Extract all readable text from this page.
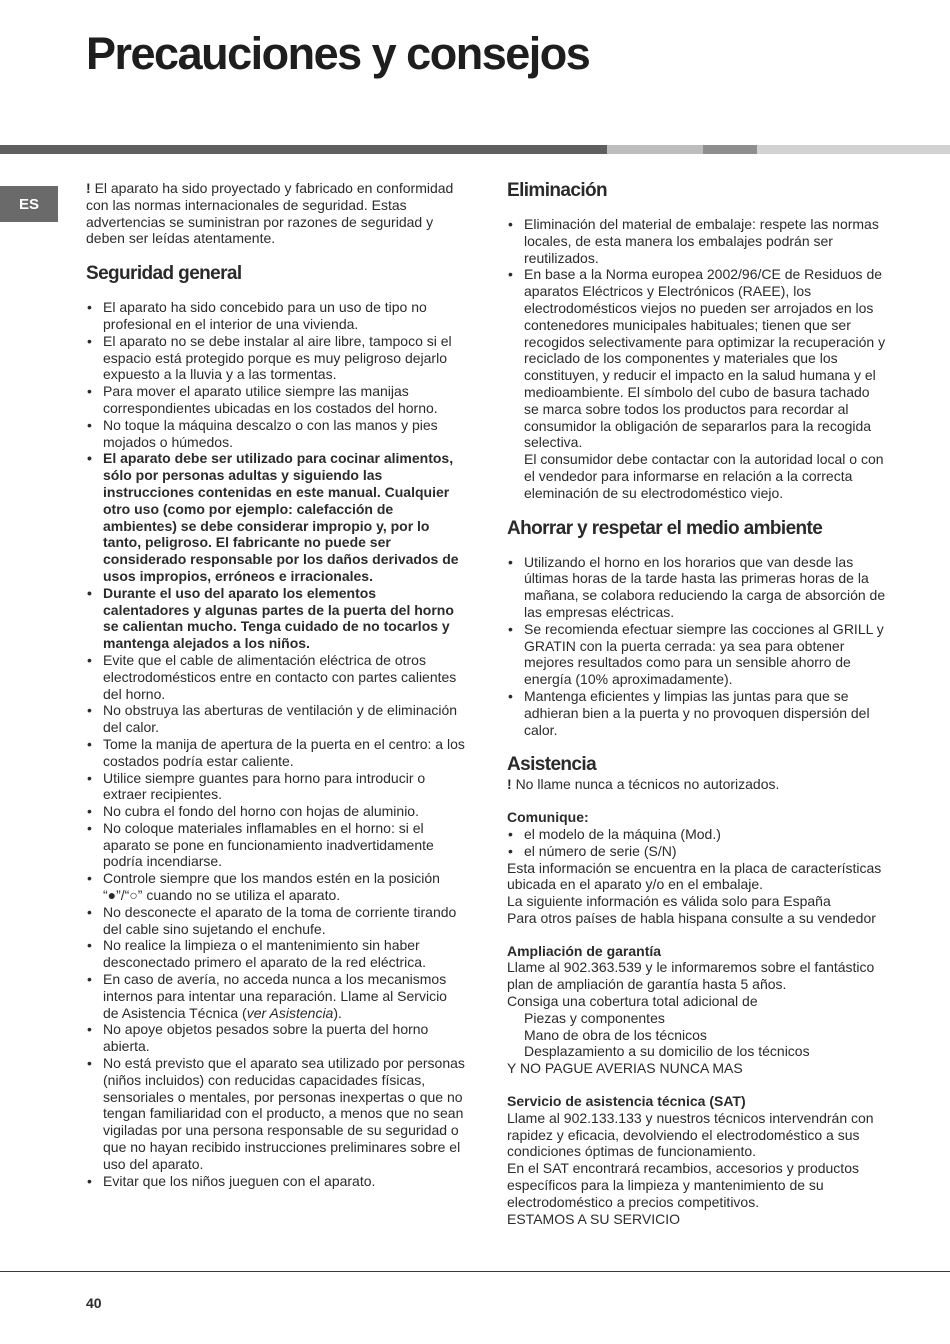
Precauciones y consejos
ES

! El aparato ha sido proyectado y fabricado en conformidad con las normas internacionales de seguridad. Estas advertencias se suministran por razones de seguridad y deben ser leídas atentamente.

Seguridad general
• El aparato ha sido concebido para un uso de tipo no profesional en el interior de una vivienda.
• El aparato no se debe instalar al aire libre, tampoco si el espacio está protegido porque es muy peligroso dejarlo expuesto a la lluvia y a las tormentas.
• Para mover el aparato utilice siempre las manijas correspondientes ubicadas en los costados del horno.
• No toque la máquina descalzo o con las manos y pies mojados o húmedos.
• El aparato debe ser utilizado para cocinar alimentos, sólo por personas adultas y siguiendo las instrucciones contenidas en este manual. Cualquier otro uso (como por ejemplo: calefacción de ambientes) se debe considerar impropio y, por lo tanto, peligroso. El fabricante no puede ser considerado responsable por los daños derivados de usos impropios, erróneos e irracionales.
• Durante el uso del aparato los elementos calentadores y algunas partes de la puerta del horno se calientan mucho. Tenga cuidado de no tocarlos y mantenga alejados a los niños.
• Evite que el cable de alimentación eléctrica de otros electrodomésticos entre en contacto con partes calientes del horno.
• No obstruya las aberturas de ventilación y de eliminación del calor.
• Tome la manija de apertura de la puerta en el centro: a los costados podría estar caliente.
• Utilice siempre guantes para horno para introducir o extraer recipientes.
• No cubra el fondo del horno con hojas de aluminio.
• No coloque materiales inflamables en el horno: si el aparato se pone en funcionamiento inadvertidamente podría incendiarse.
• Controle siempre que los mandos estén en la posición “●”/“○” cuando no se utiliza el aparato.
• No desconecte el aparato de la toma de corriente tirando del cable sino sujetando el enchufe.
• No realice la limpieza o el mantenimiento sin haber desconectado primero el aparato de la red eléctrica.
• En caso de avería, no acceda nunca a los mecanismos internos para intentar una reparación. Llame al Servicio de Asistencia Técnica (ver Asistencia).
• No apoye objetos pesados sobre la puerta del horno abierta.
• No está previsto que el aparato sea utilizado por personas (niños incluidos) con reducidas capacidades físicas, sensoriales o mentales, por personas inexpertas o que no tengan familiaridad con el producto, a menos que no sean vigiladas por una persona responsable de su seguridad o que no hayan recibido instrucciones preliminares sobre el uso del aparato.
• Evitar que los niños jueguen con el aparato.
Eliminación
• Eliminación del material de embalaje: respete las normas locales, de esta manera los embalajes podrán ser reutilizados.
• En base a la Norma europea 2002/96/CE de Residuos de aparatos Eléctricos y Electrónicos (RAEE), los electrodomésticos viejos no pueden ser arrojados en los contenedores municipales habituales; tienen que ser recogidos selectivamente para optimizar la recuperación y reciclado de los componentes y materiales que los constituyen, y reducir el impacto en la salud humana y el medioambiente. El símbolo del cubo de basura tachado se marca sobre todos los productos para recordar al consumidor la obligación de separarlos para la recogida selectiva.

El consumidor debe contactar con la autoridad local o con el vendedor para informarse en relación a la correcta eleminación de su electrodoméstico viejo.

Ahorrar y respetar el medio ambiente
• Utilizando el horno en los horarios que van desde las últimas horas de la tarde hasta las primeras horas de la mañana, se colabora reduciendo la carga de absorción de las empresas eléctricas.
• Se recomienda efectuar siempre las cocciones al GRILL y GRATIN con la puerta cerrada: ya sea para obtener mejores resultados como para un sensible ahorro de energía (10% aproximadamente).
• Mantenga eficientes y limpias las juntas para que se adhieran bien a la puerta y no provoquen dispersión del calor.
Asistencia

! No llame nunca a técnicos no autorizados.

Comunique:
• el modelo de la máquina (Mod.)
• el número de serie (S/N)

Esta información se encuentra en la placa de características ubicada en el aparato y/o en el embalaje.

La siguiente información es válida solo para España

Para otros países de habla hispana consulte a su vendedor

Ampliación de garantía

Llame al 902.363.539 y le informaremos sobre el fantástico plan de ampliación de garantía hasta 5 años.

Consiga una cobertura total adicional de

Piezas y componentes

Mano de obra de los técnicos

Desplazamiento a su domicilio de los técnicos

Y NO PAGUE AVERIAS NUNCA MAS

Servicio de asistencia técnica (SAT)

Llame al 902.133.133 y nuestros técnicos intervendrán con rapidez y eficacia, devolviendo el electrodoméstico a sus condiciones óptimas de funcionamiento.

En el SAT encontrará recambios, accesorios y productos específicos para la limpieza y mantenimiento de su electrodoméstico a precios competitivos.

ESTAMOS A SU SERVICIO

40
